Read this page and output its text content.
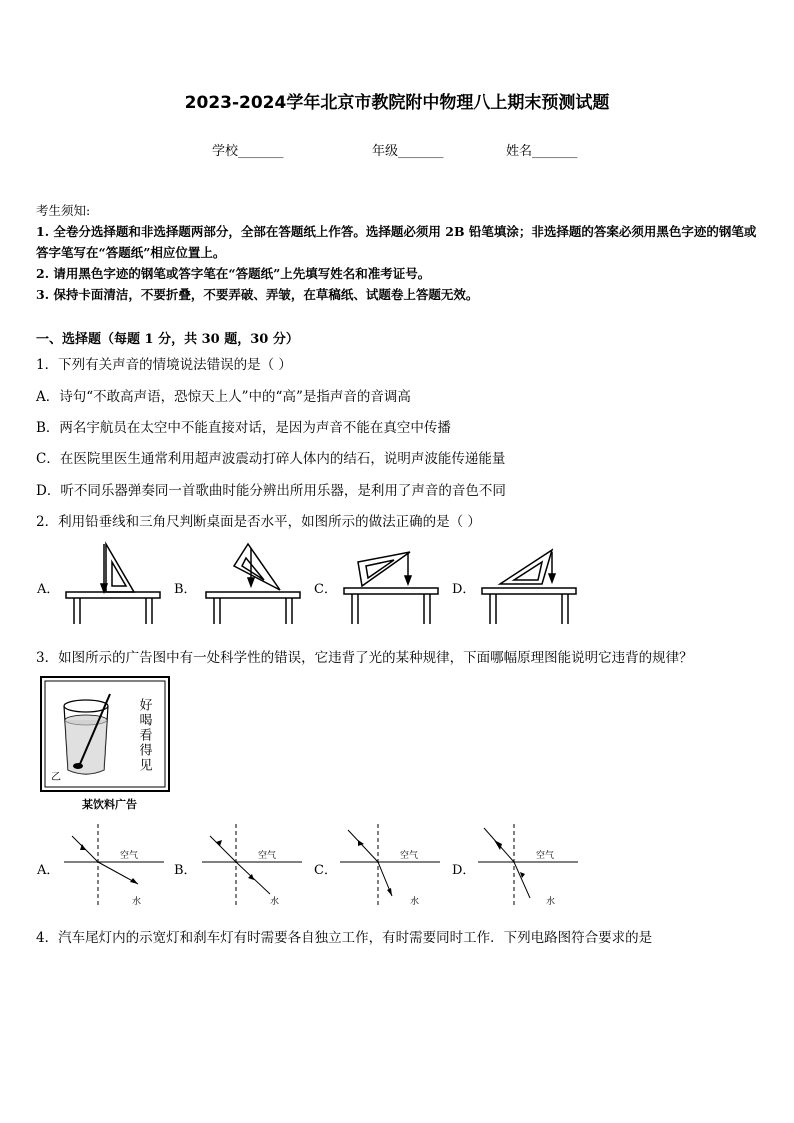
2023-2024学年北京市教院附中物理八上期末预测试题
学校_______	年级_______	姓名_______
考生须知:
1. 全卷分选择题和非选择题两部分，全部在答题纸上作答。选择题必须用 2B 铅笔填涂；非选择题的答案必须用黑色字迹的钢笔或答字笔写在“答题纸”相应位置上。
2. 请用黑色字迹的钢笔或答字笔在“答题纸”上先填写姓名和准考证号。
3. 保持卡面清洁，不要折叠，不要弄破、弄皱，在草稿纸、试题卷上答题无效。
一、选择题（每题 1 分，共 30 题，30 分）
1．下列有关声音的情境说法错误的是（ ）
A．诗句“不敢高声语，恐惊天上人”中的“高”是指声音的音调高
B．两名宇航员在太空中不能直接对话，是因为声音不能在真空中传播
C．在医院里医生通常利用超声波震动打碎人体内的结石，说明声波能传递能量
D．听不同乐器弹奏同一首歌曲时能分辨出所用乐器，是利用了声音的音色不同
2．利用铅垂线和三角尺判断桌面是否水平，如图所示的做法正确的是（ ）
A．	B．	C．	D．
3．如图所示的广告图中有一处科学性的错误，它违背了光的某种规律，下面哪幅原理图能说明它违背的规律？
乙
好喝看得见
某饮料广告
A．	B．	C．	D．
空气
水
空气
水
空气
水
空气
水
4．汽车尾灯内的示宽灯和刹车灯有时需要各自独立工作，有时需要同时工作．下列电路图符合要求的是
